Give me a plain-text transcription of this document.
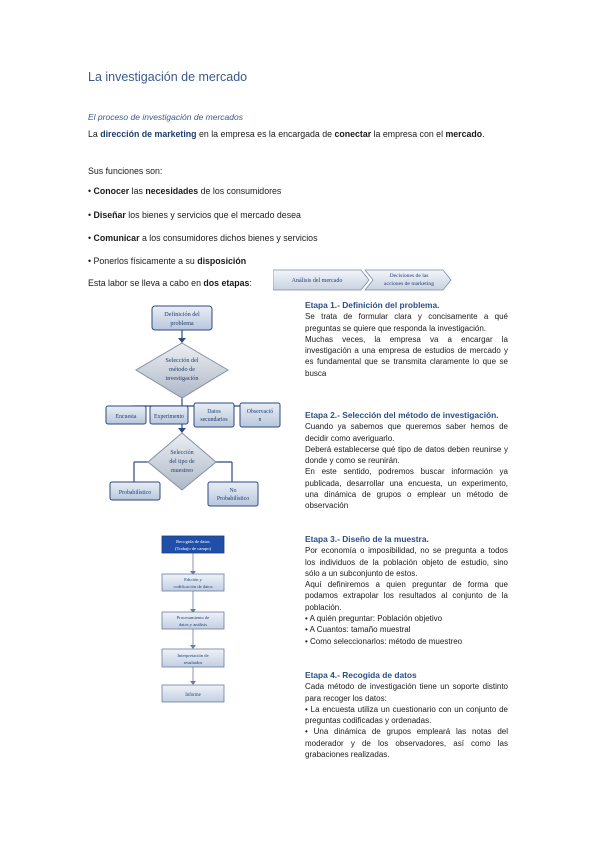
La investigación de mercado
El proceso de investigación de mercados
La dirección de marketing en la empresa es la encargada de conectar la empresa con el mercado.
Sus funciones son:
• Conocer las necesidades de los consumidores
• Diseñar los bienes y servicios que el mercado desea
• Comunicar a los consumidores dichos bienes y servicios
• Ponerlos físicamente a su disposición
Esta labor se lleva a cabo en dos etapas:	Análisis del mercado
Decisiones de las
acciones de marketing
Definición del
problema
Selección del
método de
investigación
Encuesta	Experimento
Datos
secundarios
Observació
n
Selección
del tipo de
muestreo
Probabilístico	No
Probabilístico
Recogida de datos
(Trabajo de campo)
Edición y
codificación de datos
Procesamiento de
datos y análisis
Interpretación de
resultados
Informe
Etapa 1.- Definición del problema.

Se trata de formular clara y concisamente a qué preguntas se quiere que responda la investigación.

Muchas veces, la empresa va a encargar la investigación a una empresa de estudios de mercado y es fundamental que se transmita claramente lo que se busca

Etapa 2.- Selección del método de investigación.

Cuando ya sabemos que queremos saber hemos de decidir como averiguarlo.

Deberá establecerse qué tipo de datos deben reunirse y donde y como se reunirán.

En este sentido, podremos buscar información ya publicada, desarrollar una encuesta, un experimento, una dinámica de grupos o emplear un método de observación

Etapa 3.- Diseño de la muestra.

Por economía o imposibilidad, no se pregunta a todos los individuos de la población objeto de estudio, sino sólo a un subconjunto de estos.

Aquí definiremos a quien preguntar de forma que podamos extrapolar los resultados al conjunto de la población.

• A quién preguntar: Población objetivo

• A Cuantos: tamaño muestral

• Como seleccionarlos: método de muestreo

Etapa 4.- Recogida de datos

Cada método de investigación tiene un soporte distinto para recoger los datos:

• La encuesta utiliza un cuestionario con un conjunto de preguntas codificadas y ordenadas.

• Una dinámica de grupos empleará las notas del moderador y de los observadores, así como las grabaciones realizadas.
